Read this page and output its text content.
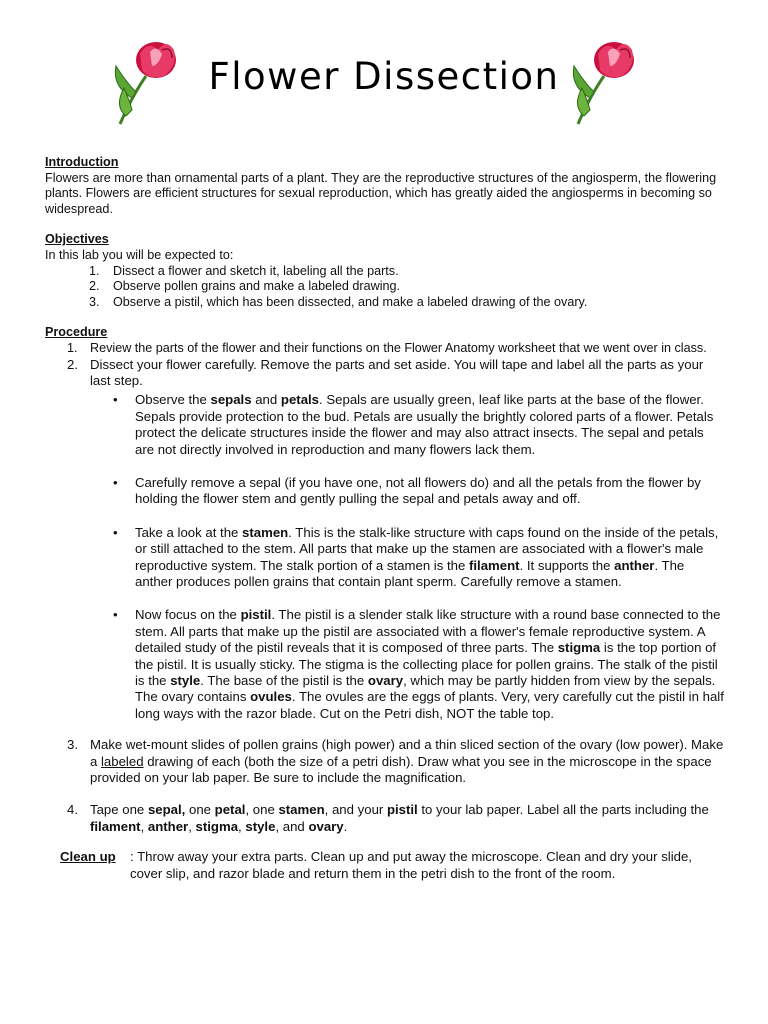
Flower Dissection
Introduction
Flowers are more than ornamental parts of a plant. They are the reproductive structures of the angiosperm, the flowering plants. Flowers are efficient structures for sexual reproduction, which has greatly aided the angiosperms in becoming so widespread.
Objectives
In this lab you will be expected to:
1. Dissect a flower and sketch it, labeling all the parts.
2. Observe pollen grains and make a labeled drawing.
3. Observe a pistil, which has been dissected, and make a labeled drawing of the ovary.
Procedure
1. Review the parts of the flower and their functions on the Flower Anatomy worksheet that we went over in class.
2. Dissect your flower carefully. Remove the parts and set aside. You will tape and label all the parts as your last step.
• Observe the sepals and petals. Sepals are usually green, leaf like parts at the base of the flower. Sepals provide protection to the bud. Petals are usually the brightly colored parts of a flower. Petals protect the delicate structures inside the flower and may also attract insects. The sepal and petals are not directly involved in reproduction and many flowers lack them.
• Carefully remove a sepal (if you have one, not all flowers do) and all the petals from the flower by holding the flower stem and gently pulling the sepal and petals away and off.
• Take a look at the stamen. This is the stalk-like structure with caps found on the inside of the petals, or still attached to the stem. All parts that make up the stamen are associated with a flower's male reproductive system. The stalk portion of a stamen is the filament. It supports the anther. The anther produces pollen grains that contain plant sperm. Carefully remove a stamen.
• Now focus on the pistil. The pistil is a slender stalk like structure with a round base connected to the stem. All parts that make up the pistil are associated with a flower's female reproductive system. A detailed study of the pistil reveals that it is composed of three parts. The stigma is the top portion of the pistil. It is usually sticky. The stigma is the collecting place for pollen grains. The stalk of the pistil is the style. The base of the pistil is the ovary, which may be partly hidden from view by the sepals. The ovary contains ovules. The ovules are the eggs of plants. Very, very carefully cut the pistil in half long ways with the razor blade. Cut on the Petri dish, NOT the table top.
3. Make wet-mount slides of pollen grains (high power) and a thin sliced section of the ovary (low power). Make a labeled drawing of each (both the size of a petri dish). Draw what you see in the microscope in the space provided on your lab paper. Be sure to include the magnification.
4. Tape one sepal, one petal, one stamen, and your pistil to your lab paper. Label all the parts including the filament, anther, stigma, style, and ovary.
Clean up : Throw away your extra parts. Clean up and put away the microscope. Clean and dry your slide, cover slip, and razor blade and return them in the petri dish to the front of the room.
